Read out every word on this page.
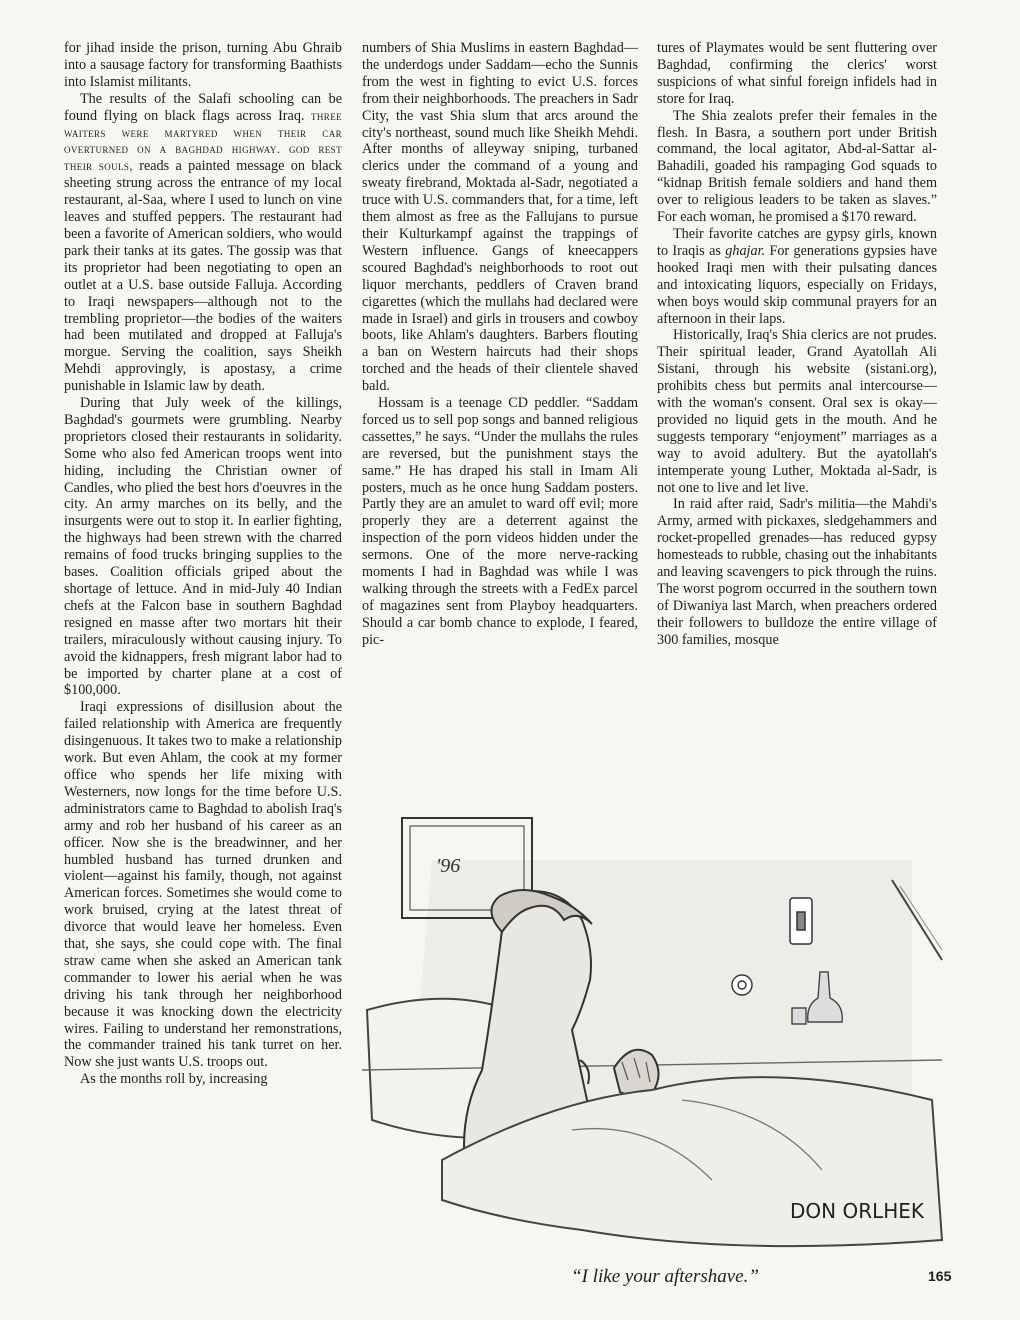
for jihad inside the prison, turning Abu Ghraib into a sausage factory for transforming Baathists into Islamist militants.

The results of the Salafi schooling can be found flying on black flags across Iraq. three waiters were martyred when their car overturned on a baghdad highway. god rest their souls, reads a painted message on black sheeting strung across the entrance of my local restaurant, al-Saa, where I used to lunch on vine leaves and stuffed peppers. The restaurant had been a favorite of American soldiers, who would park their tanks at its gates. The gossip was that its proprietor had been negotiating to open an outlet at a U.S. base outside Falluja. According to Iraqi newspapers—although not to the trembling proprietor—the bodies of the waiters had been mutilated and dropped at Falluja's morgue. Serving the coalition, says Sheikh Mehdi approvingly, is apostasy, a crime punishable in Islamic law by death.

During that July week of the killings, Baghdad's gourmets were grumbling. Nearby proprietors closed their restaurants in solidarity. Some who also fed American troops went into hiding, including the Christian owner of Candles, who plied the best hors d'oeuvres in the city. An army marches on its belly, and the insurgents were out to stop it. In earlier fighting, the highways had been strewn with the charred remains of food trucks bringing supplies to the bases. Coalition officials griped about the shortage of lettuce. And in mid-July 40 Indian chefs at the Falcon base in southern Baghdad resigned en masse after two mortars hit their trailers, miraculously without causing injury. To avoid the kidnappers, fresh migrant labor had to be imported by charter plane at a cost of $100,000.

Iraqi expressions of disillusion about the failed relationship with America are frequently disingenuous. It takes two to make a relationship work. But even Ahlam, the cook at my former office who spends her life mixing with Westerners, now longs for the time before U.S. administrators came to Baghdad to abolish Iraq's army and rob her husband of his career as an officer. Now she is the breadwinner, and her humbled husband has turned drunken and violent—against his family, though, not against American forces. Sometimes she would come to work bruised, crying at the latest threat of divorce that would leave her homeless. Even that, she says, she could cope with. The final straw came when she asked an American tank commander to lower his aerial when he was driving his tank through her neighborhood because it was knocking down the electricity wires. Failing to understand her remonstrations, the commander trained his tank turret on her. Now she just wants U.S. troops out.

As the months roll by, increasing

numbers of Shia Muslims in eastern Baghdad—the underdogs under Saddam—echo the Sunnis from the west in fighting to evict U.S. forces from their neighborhoods. The preachers in Sadr City, the vast Shia slum that arcs around the city's northeast, sound much like Sheikh Mehdi. After months of alleyway sniping, turbaned clerics under the command of a young and sweaty firebrand, Moktada al-Sadr, negotiated a truce with U.S. commanders that, for a time, left them almost as free as the Fallujans to pursue their Kulturkampf against the trappings of Western influence. Gangs of kneecappers scoured Baghdad's neighborhoods to root out liquor merchants, peddlers of Craven brand cigarettes (which the mullahs had declared were made in Israel) and girls in trousers and cowboy boots, like Ahlam's daughters. Barbers flouting a ban on Western haircuts had their shops torched and the heads of their clientele shaved bald.

Hossam is a teenage CD peddler. “Saddam forced us to sell pop songs and banned religious cassettes,” he says. “Under the mullahs the rules are reversed, but the punishment stays the same.” He has draped his stall in Imam Ali posters, much as he once hung Saddam posters. Partly they are an amulet to ward off evil; more properly they are a deterrent against the inspection of the porn videos hidden under the sermons. One of the more nerve-racking moments I had in Baghdad was while I was walking through the streets with a FedEx parcel of magazines sent from Playboy headquarters. Should a car bomb chance to explode, I feared, pic-

tures of Playmates would be sent fluttering over Baghdad, confirming the clerics' worst suspicions of what sinful foreign infidels had in store for Iraq.

The Shia zealots prefer their females in the flesh. In Basra, a southern port under British command, the local agitator, Abd-al-Sattar al-Bahadili, goaded his rampaging God squads to “kidnap British female soldiers and hand them over to religious leaders to be taken as slaves.” For each woman, he promised a $170 reward.

Their favorite catches are gypsy girls, known to Iraqis as ghajar. For generations gypsies have hooked Iraqi men with their pulsating dances and intoxicating liquors, especially on Fridays, when boys would skip communal prayers for an afternoon in their laps.

Historically, Iraq's Shia clerics are not prudes. Their spiritual leader, Grand Ayatollah Ali Sistani, through his website (sistani.org), prohibits chess but permits anal intercourse—with the woman's consent. Oral sex is okay—provided no liquid gets in the mouth. And he suggests temporary “enjoyment” marriages as a way to avoid adultery. But the ayatollah's intemperate young Luther, Moktada al-Sadr, is not one to live and let live.

In raid after raid, Sadr's militia—the Mahdi's Army, armed with pickaxes, sledgehammers and rocket-propelled grenades—has reduced gypsy homesteads to rubble, chasing out the inhabitants and leaving scavengers to pick through the ruins. The worst pogrom occurred in the southern town of Diwaniya last March, when preachers ordered their followers to bulldoze the entire village of 300 families, mosque

'96
DON ORLHEK
“I like your aftershave.”	165
